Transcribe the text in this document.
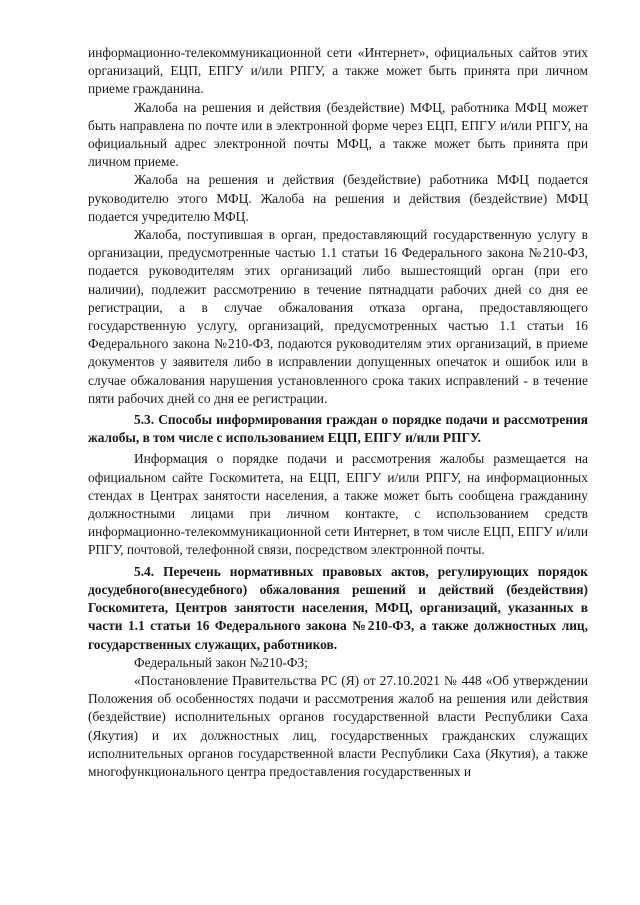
информационно-телекоммуникационной сети «Интернет», официальных сайтов этих организаций, ЕЦП, ЕПГУ и/или РПГУ, а также может быть принята при личном приеме гражданина.

Жалоба на решения и действия (бездействие) МФЦ, работника МФЦ может быть направлена по почте или в электронной форме через ЕЦП, ЕПГУ и/или РПГУ, на официальный адрес электронной почты МФЦ, а также может быть принята при личном приеме.

Жалоба на решения и действия (бездействие) работника МФЦ подается руководителю этого МФЦ. Жалоба на решения и действия (бездействие) МФЦ подается учредителю МФЦ.

Жалоба, поступившая в орган, предоставляющий государственную услугу в организации, предусмотренные частью 1.1 статьи 16 Федерального закона №210-ФЗ, подается руководителям этих организаций либо вышестоящий орган (при его наличии), подлежит рассмотрению в течение пятнадцати рабочих дней со дня ее регистрации, а в случае обжалования отказа органа, предоставляющего государственную услугу, организаций, предусмотренных частью 1.1 статьи 16 Федерального закона №210-ФЗ, подаются руководителям этих организаций, в приеме документов у заявителя либо в исправлении допущенных опечаток и ошибок или в случае обжалования нарушения установленного срока таких исправлений - в течение пяти рабочих дней со дня ее регистрации.

5.3. Способы информирования граждан о порядке подачи и рассмотрения жалобы, в том числе с использованием ЕЦП, ЕПГУ и/или РПГУ.

Информация о порядке подачи и рассмотрения жалобы размещается на официальном сайте Госкомитета, на ЕЦП, ЕПГУ и/или РПГУ, на информационных стендах в Центрах занятости населения, а также может быть сообщена гражданину должностными лицами при личном контакте, с использованием средств информационно-телекоммуникационной сети Интернет, в том числе ЕЦП, ЕПГУ и/или РПГУ, почтовой, телефонной связи, посредством электронной почты.

5.4. Перечень нормативных правовых актов, регулирующих порядок досудебного(внесудебного) обжалования решений и действий (бездействия) Госкомитета, Центров занятости населения, МФЦ, организаций, указанных в части 1.1 статьи 16 Федерального закона №210-ФЗ, а также должностных лиц, государственных служащих, работников.

Федеральный закон №210-ФЗ;

«Постановление Правительства РС (Я) от 27.10.2021 № 448 «Об утверждении Положения об особенностях подачи и рассмотрения жалоб на решения или действия (бездействие) исполнительных органов государственной власти Республики Саха (Якутия) и их должностных лиц, государственных гражданских служащих исполнительных органов государственной власти Республики Саха (Якутия), а также многофункционального центра предоставления государственных и
